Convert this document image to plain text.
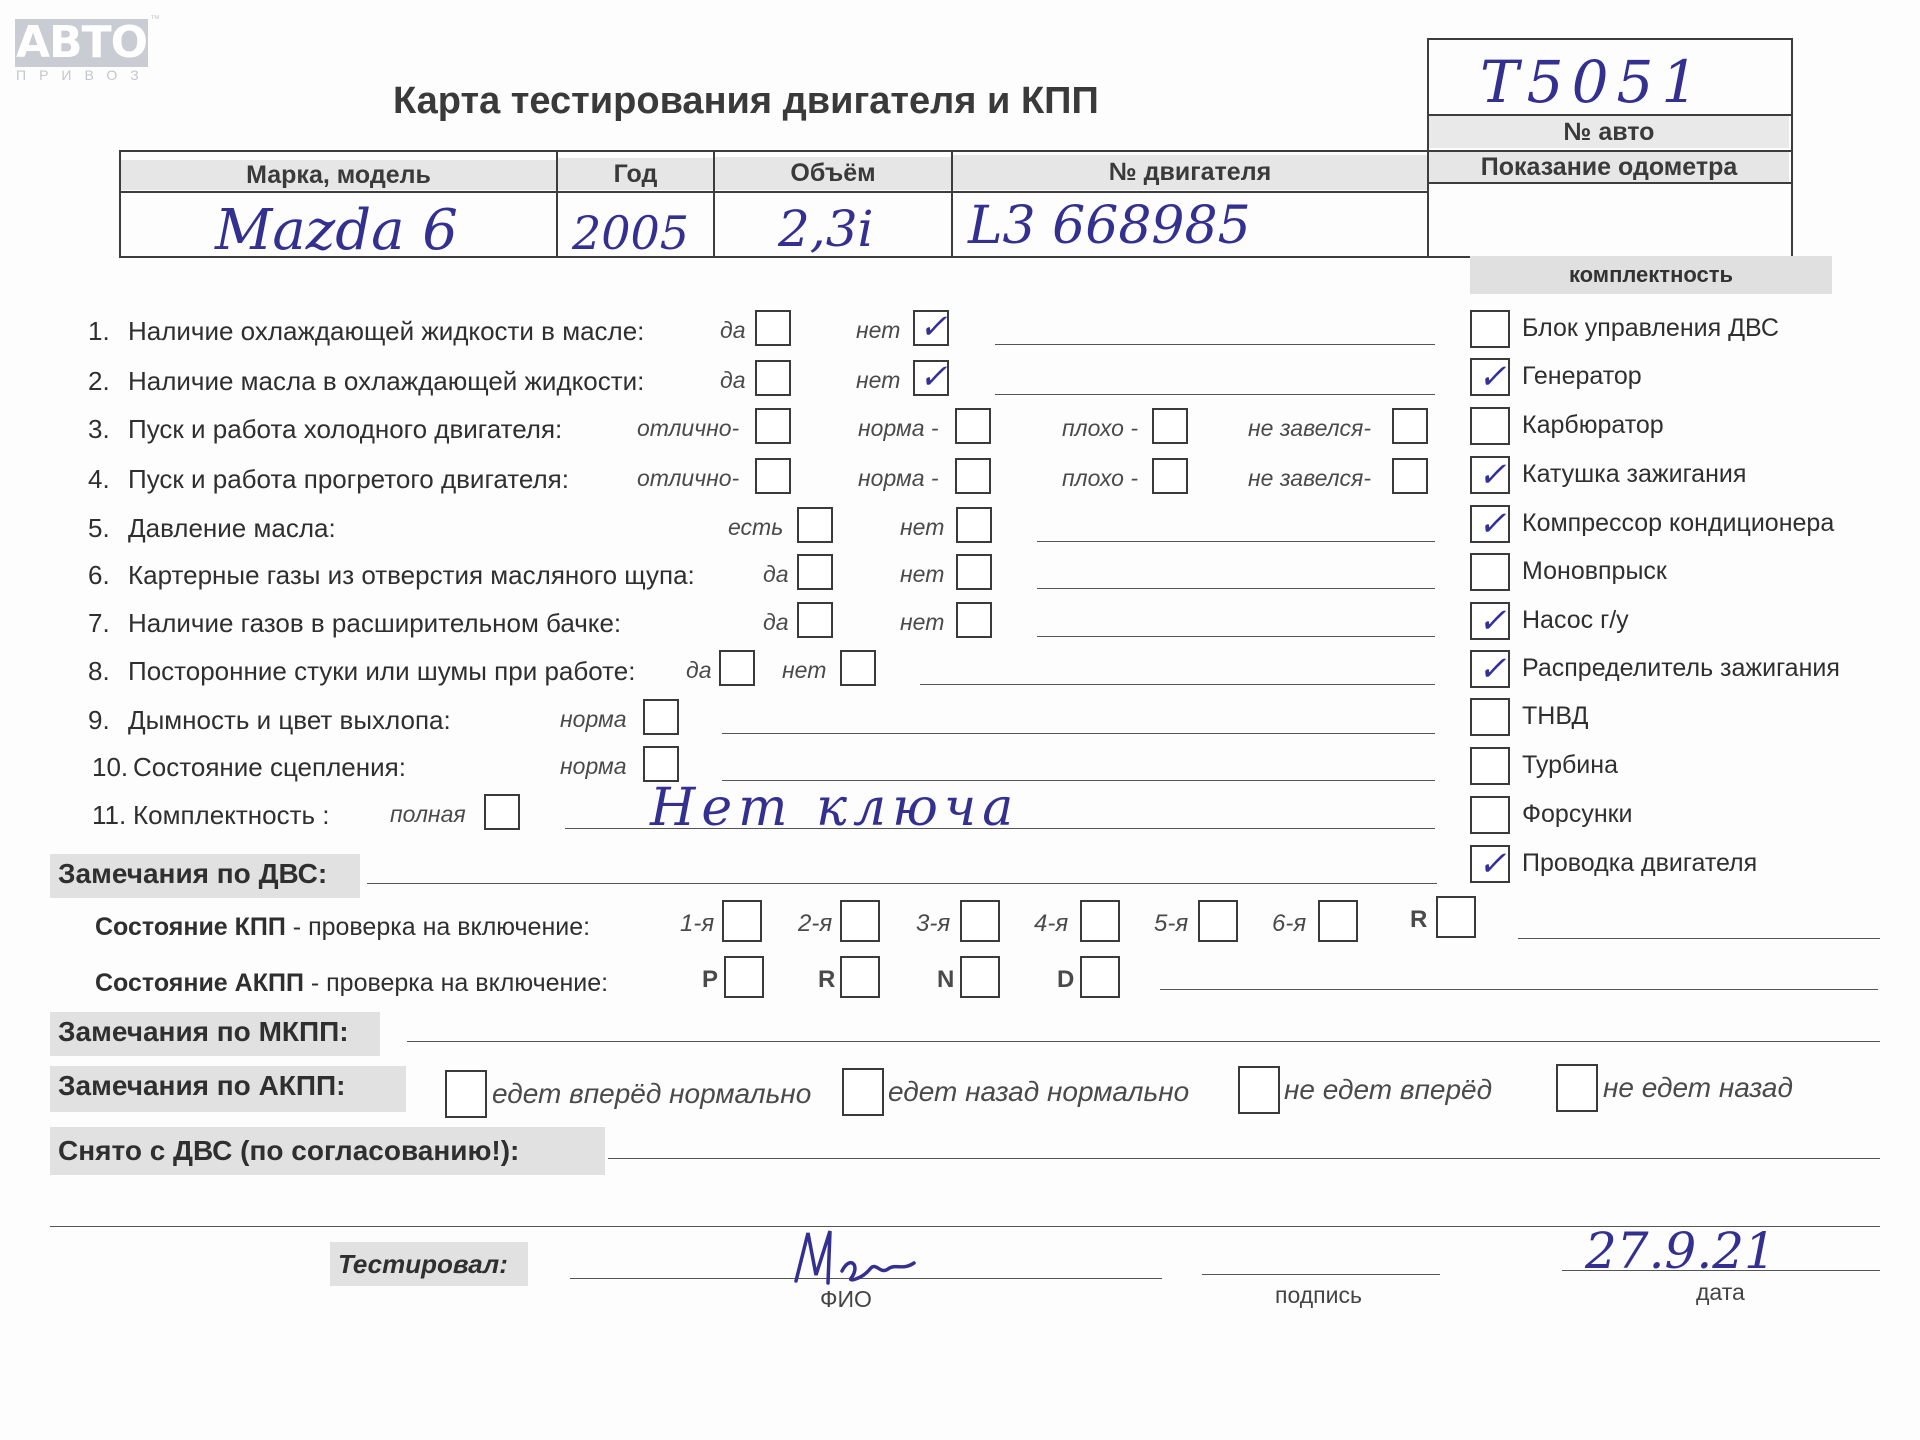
АВТО ™
ПРИВОЗ
Карта тестирования двигателя и КПП	T5051
№ авто
Марка, модель	Год	Объём	№ двигателя	Показание одометра
Mazda 6 2005 2,3і L3 668985
1. Наличие охлаждающей жидкости в масле:	да	нет ✓
2. Наличие масла в охлаждающей жидкости:	да	нет ✓
3. Пуск и работа холодного двигателя:	отлично-	норма -	плохо -	не завелся-
4. Пуск и работа прогретого двигателя:	отлично-	норма -	плохо -	не завелся-
5. Давление масла:	есть	нет
6. Картерные газы из отверстия масляного щупа:	да	нет
7. Наличие газов в расширительном бачке:	да	нет
8. Посторонние стуки или шумы при работе: да	нет
9. Дымность и цвет выхлопа:	норма
10. Состояние сцепления:	норма
11. Комплектность :	полная	Нет ключа
комплектность
Блок управления ДВС
✓ Генератор
Карбюратор
✓ Катушка зажигания
✓ Компрессор кондиционера
Моновпрыск
✓ Насос г/у
✓ Распределитель зажигания
ТНВД
Турбина
Форсунки
✓ Проводка двигателя
Замечания по ДВС:
Состояние КПП - проверка на включение:	1-я	2-я	3-я	4-я	5-я	6-я	R
Состояние АКПП - проверка на включение:	P	R	N	D
Замечания по МКПП:
Замечания по АКПП:	едет вперёд нормально	едет назад нормально	не едет вперёд	не едет назад
Снято с ДВС (по согласованию!):
Тестировал:
ФИО	подпись
27.9.21
дата
